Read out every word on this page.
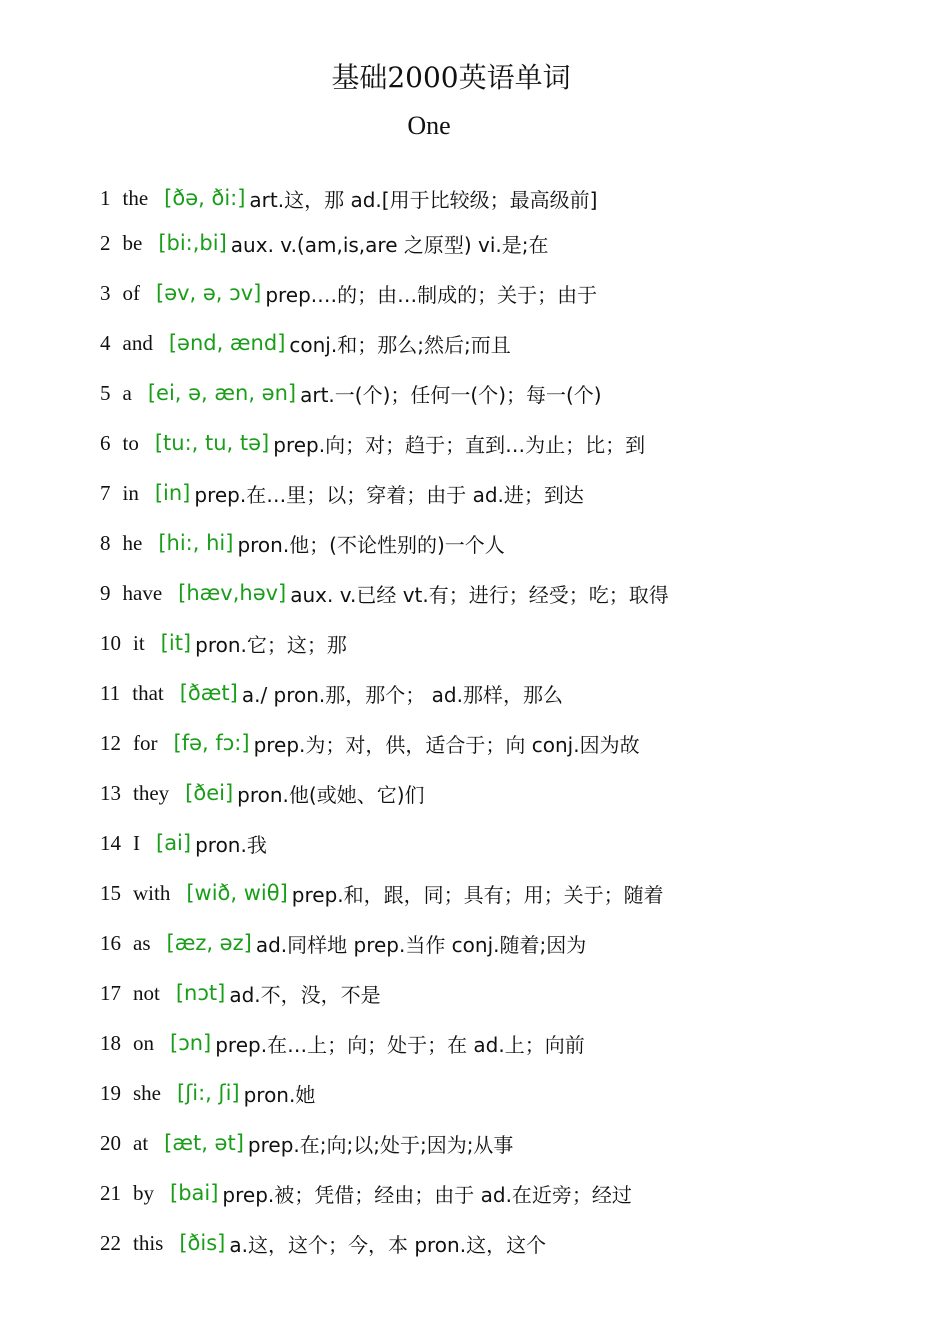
基础2000英语单词
One
1 the [ðə, ði:] art.这，那 ad.[用于比较级；最高级前]
2 be [bi:,bi] aux. v.(am,is,are 之原型) vi.是;在
3 of [əv, ə, ɔv] prep.…的；由…制成的；关于；由于
4 and [ənd, ænd] conj.和；那么;然后;而且
5 a [ei, ə, æn, ən] art.一(个)；任何一(个)；每一(个)
6 to [tu:, tu, tə] prep.向；对；趋于；直到…为止；比；到
7 in [in] prep.在…里；以；穿着；由于 ad.进；到达
8 he [hi:, hi] pron.他；(不论性别的)一个人
9 have [hæv,həv] aux. v.已经 vt.有；进行；经受；吃；取得
10 it [it] pron.它；这；那
11 that [ðæt] a./ pron.那，那个； ad.那样，那么
12 for [fə, fɔ:] prep.为；对，供，适合于；向 conj.因为故
13 they [ðei] pron.他(或她、它)们
14 I [ai] pron.我
15 with [wið, wiθ] prep.和，跟，同；具有；用；关于；随着
16 as [æz, əz] ad.同样地 prep.当作 conj.随着;因为
17 not [nɔt] ad.不，没，不是
18 on [ɔn] prep.在…上；向；处于；在 ad.上；向前
19 she [ʃi:, ʃi] pron.她
20 at [æt, ət] prep.在;向;以;处于;因为;从事
21 by [bai] prep.被；凭借；经由；由于 ad.在近旁；经过
22 this [ðis] a.这，这个；今，本 pron.这，这个
